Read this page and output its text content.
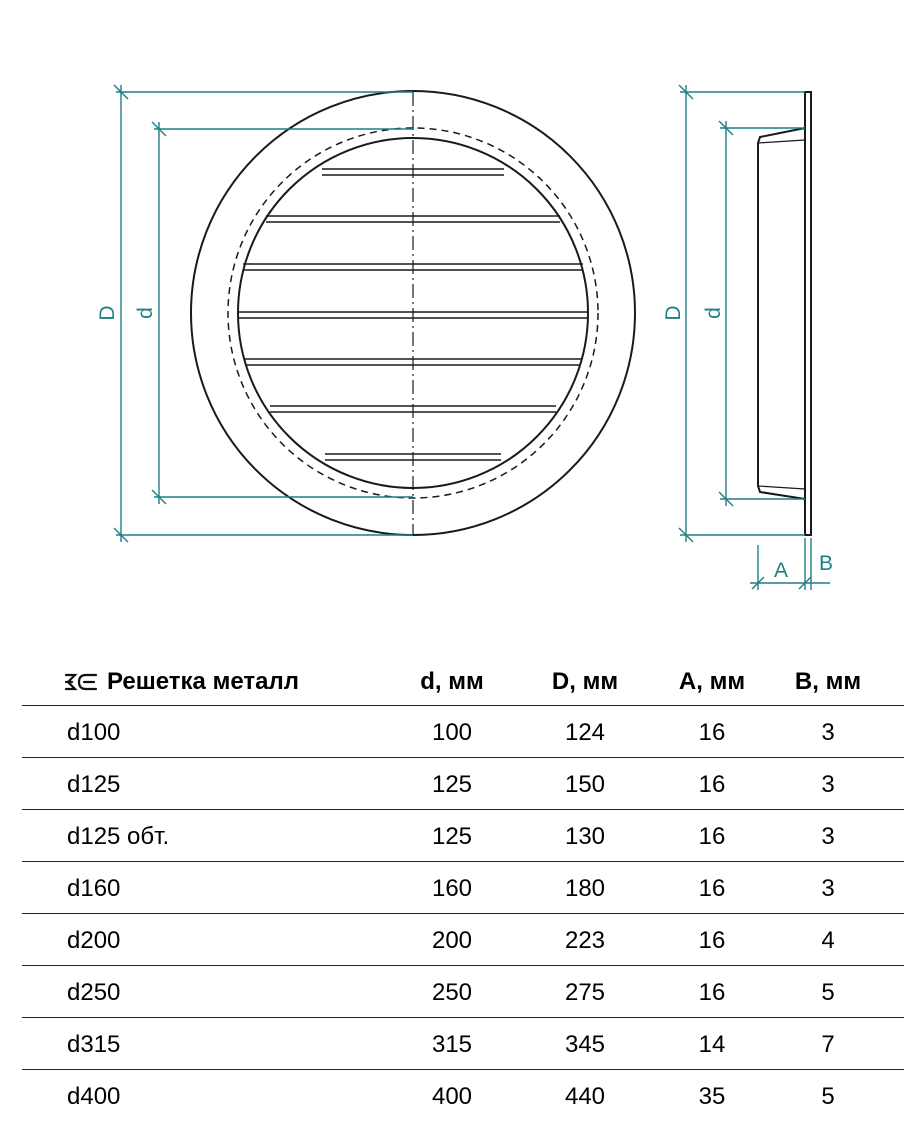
D d	D d
A B
Решетка металл	d, мм	D, мм	A, мм	B, мм
d100	100	124	16	3
d125	125	150	16	3
d125 обт.	125	130	16	3
d160	160	180	16	3
d200	200	223	16	4
d250	250	275	16	5
d315	315	345	14	7
d400	400	440	35	5
